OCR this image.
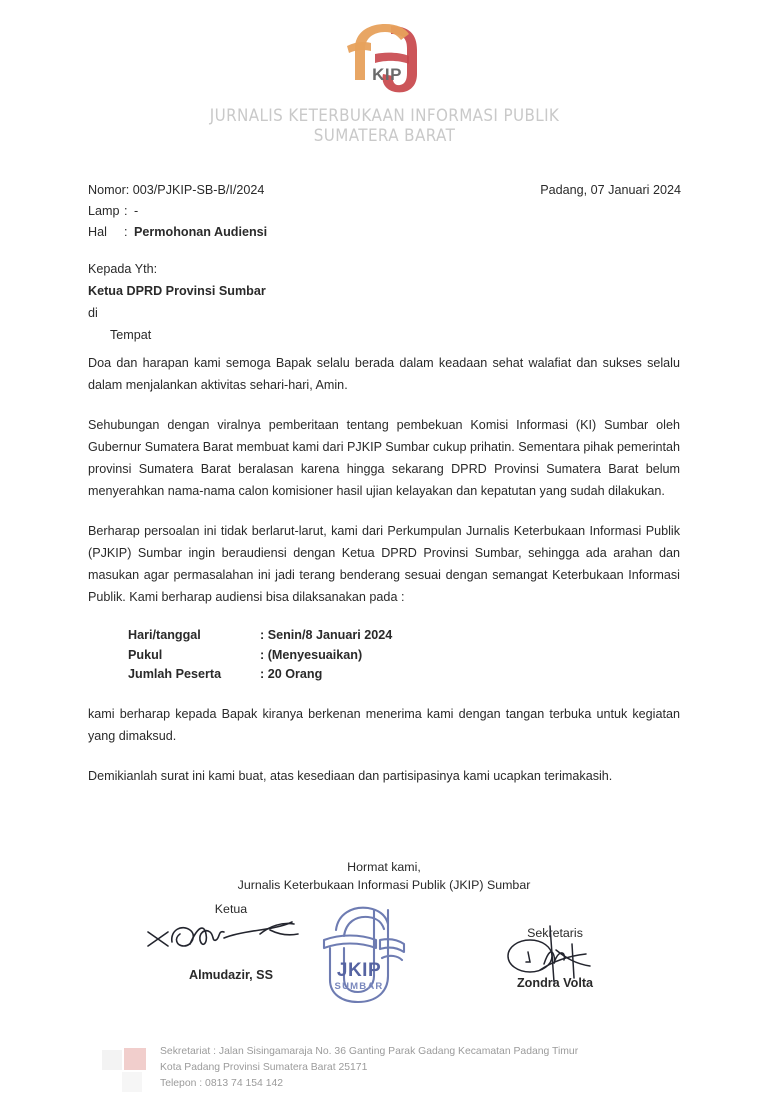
KIP
JURNALIS KETERBUKAAN INFORMASI PUBLIK
SUMATERA BARAT
Nomor: 003/PJKIP-SB-B/I/2024
Lamp : -
Hal	: Permohonan Audiensi
Padang, 07 Januari 2024
Kepada Yth:
Ketua DPRD Provinsi Sumbar
di
Tempat

Doa dan harapan kami semoga Bapak selalu berada dalam keadaan sehat walafiat dan sukses selalu dalam menjalankan aktivitas sehari-hari, Amin.

Sehubungan dengan viralnya pemberitaan tentang pembekuan Komisi Informasi (KI) Sumbar oleh Gubernur Sumatera Barat membuat kami dari PJKIP Sumbar cukup prihatin. Sementara pihak pemerintah provinsi Sumatera Barat beralasan karena hingga sekarang DPRD Provinsi Sumatera Barat belum menyerahkan nama-nama calon komisioner hasil ujian kelayakan dan kepatutan yang sudah dilakukan.

Berharap persoalan ini tidak berlarut-larut, kami dari Perkumpulan Jurnalis Keterbukaan Informasi Publik (PJKIP) Sumbar ingin beraudiensi dengan Ketua DPRD Provinsi Sumbar, sehingga ada arahan dan masukan agar permasalahan ini jadi terang benderang sesuai dengan semangat Keterbukaan Informasi Publik. Kami berharap audiensi bisa dilaksanakan pada :

Hari/tanggal	: Senin/8 Januari 2024
Pukul	: (Menyesuaikan)
Jumlah Peserta	: 20 Orang

kami berharap kepada Bapak kiranya berkenan menerima kami dengan tangan terbuka untuk kegiatan yang dimaksud.

Demikianlah surat ini kami buat, atas kesediaan dan partisipasinya kami ucapkan terimakasih.

Hormat kami,
Jurnalis Keterbukaan Informasi Publik (JKIP) Sumbar
Ketua
Almudazir, SS
Sekretaris
Zondra Volta
JKIP
SUMBAR
Sekretariat : Jalan Sisingamaraja No. 36 Ganting Parak Gadang Kecamatan Padang Timur
Kota Padang Provinsi Sumatera Barat 25171
Telepon : 0813 74 154 142
